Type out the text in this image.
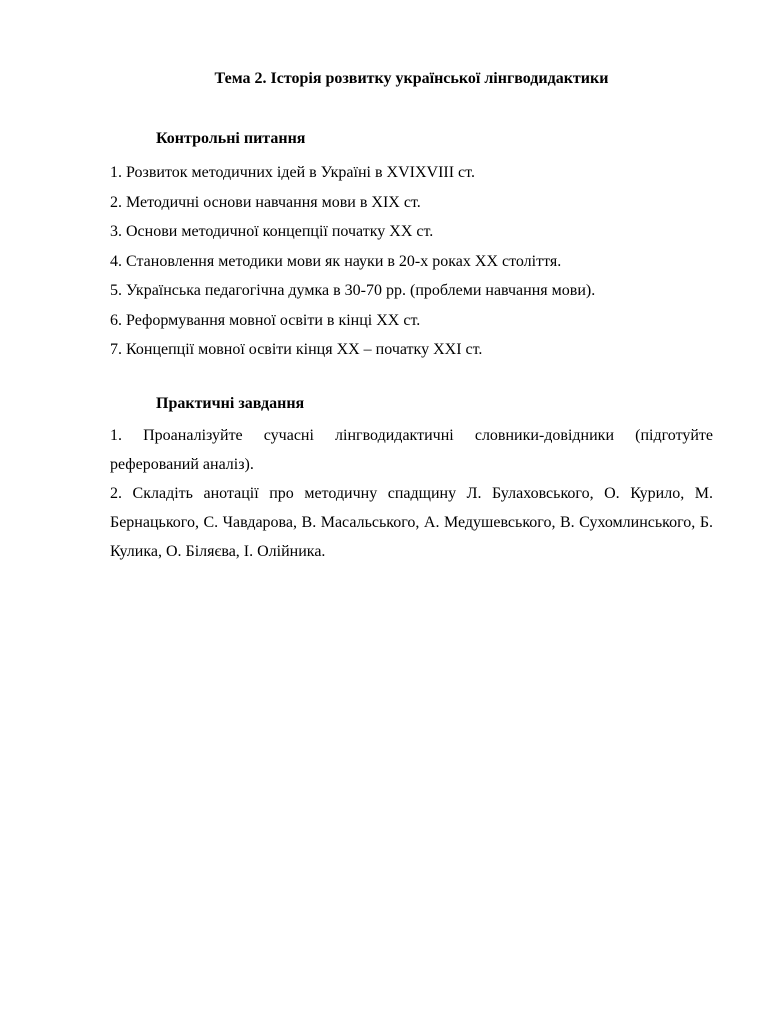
Тема 2. Історія розвитку української лінгводидактики
Контрольні питання
1. Розвиток методичних ідей в Україні в XVIXVIII ст.
2. Методичні основи навчання мови в XIX ст.
3. Основи методичної концепції початку XX ст.
4. Становлення методики мови як науки в 20-х роках XX століття.
5. Українська педагогічна думка в 30-70 рр. (проблеми навчання мови).
6. Реформування мовної освіти в кінці XX ст.
7. Концепції мовної освіти кінця XX – початку XXI ст.
Практичні завдання
1. Проаналізуйте сучасні лінгводидактичні словники-довідники (підготуйте реферований аналіз).
2. Складіть анотації про методичну спадщину Л. Булаховського, О. Курило, М. Бернацького, С. Чавдарова, В. Масальського, А. Медушевського, В. Сухомлинського, Б. Кулика, О. Біляєва, І. Олійника.
